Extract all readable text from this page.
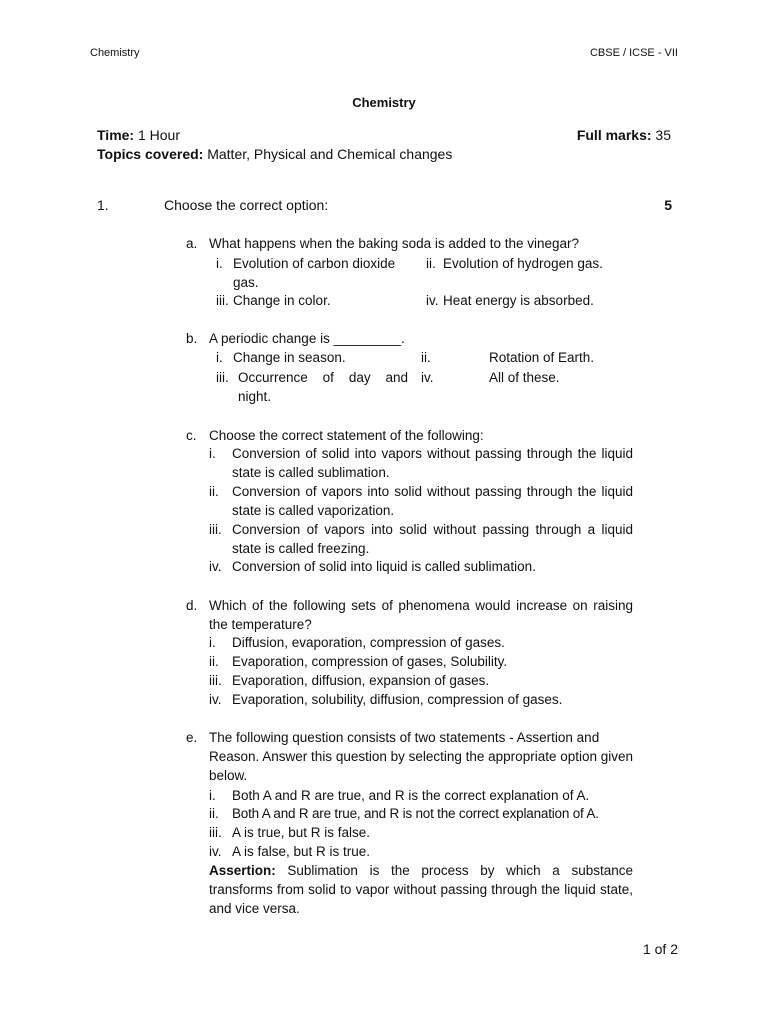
Chemistry	CBSE / ICSE - VII
Chemistry
Time: 1 Hour	Full marks: 35
Topics covered: Matter, Physical and Chemical changes
1.	Choose the correct option:	5
a. What happens when the baking soda is added to the vinegar?
i. Evolution of carbon dioxide gas.
ii. Evolution of hydrogen gas.
iii. Change in color.	iv. Heat energy is absorbed.
b. A periodic change is _________.
i. Change in season.	ii.	Rotation of Earth.
iii. Occurrence of day and night.
iv.	All of these.
c. Choose the correct statement of the following:
i. Conversion of solid into vapors without passing through the liquid state is called sublimation.
ii. Conversion of vapors into solid without passing through the liquid state is called vaporization.
iii. Conversion of vapors into solid without passing through a liquid state is called freezing.
iv. Conversion of solid into liquid is called sublimation.
d. Which of the following sets of phenomena would increase on raising the temperature?
i. Diffusion, evaporation, compression of gases.
ii. Evaporation, compression of gases, Solubility.
iii. Evaporation, diffusion, expansion of gases.
iv. Evaporation, solubility, diffusion, compression of gases.
e. The following question consists of two statements - Assertion and Reason. Answer this question by selecting the appropriate option given below.
i. Both A and R are true, and R is the correct explanation of A.
ii. Both A and R are true, and R is not the correct explanation of A.
iii. A is true, but R is false.
iv. A is false, but R is true.
Assertion: Sublimation is the process by which a substance transforms from solid to vapor without passing through the liquid state, and vice versa.
1 of 2
